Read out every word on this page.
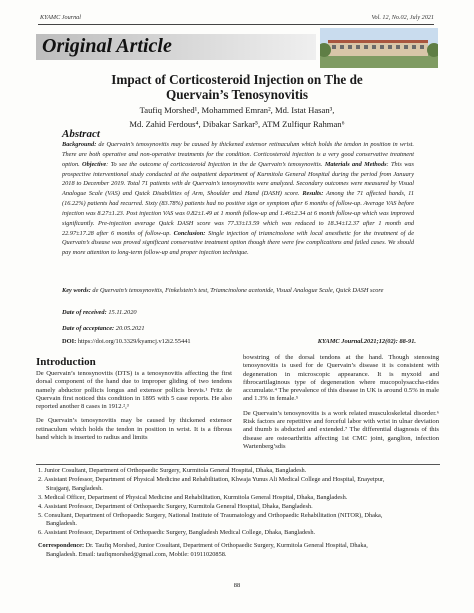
KYAMC Journal	Vol. 12, No.02, July 2021
Original Article
Impact of Corticosteroid Injection on The de
Quervain’s Tenosynovitis
Taufiq Morshed¹, Mohammed Emran², Md. Istat Hasan³,
Md. Zahid Ferdous⁴, Dibakar Sarkar⁵, ATM Zulfiqur Rahman⁶
Abstract
Background: de Quervain’s tenosynovitis may be caused by thickened extensor retinaculum which holds the tendon in position in wrist. There are both operative and non-operative treatments for the condition. Corticosteroid injection is a very good conservative treatment option. Objective: To see the outcome of corticosteroid Injection in the de Quervain’s tenosynovitis. Materials and Methods: This was prospective interventional study conducted at the outpatient department of Kurmitola General Hospital during the period from January 2018 to December 2019. Total 71 patients with de Quervain’s tenosynovitis were analyzed. Secondary outcomes were measured by Visual Analogue Scale (VAS) and Quick Disabilities of Arm, Shoulder and Hand (DASH) score. Results: Among the 71 affected hands, 11 (16.22%) patients had recurred. Sixty (83.78%) patients had no positive sign or symptom after 6 months of follow-up. Average VAS before injection was 8.27±1.23. Post injection VAS was 0.82±1.49 at 1 month follow-up and 1.46±2.34 at 6 month follow-up which was improved significantly. Pre-injection average Quick DASH score was 77.33±13.59 which was reduced to 18.34±12.37 after 1 month and 22.97±17.28 after 6 months of follow-up. Conclusion: Single injection of triamcinolone with local anesthetic for the treatment of de Quervain’s disease was proved significant conservative treatment option though there were few complications and failed cases. We should pay more attention to long-term follow-up and proper injection technique.
Key words: de Quervain’s tenosynovitis, Finkelstein’s test, Triamcinolone acetonide, Visual Analogue Scale, Quick DASH score
Date of received: 15.11.2020
Date of acceptance: 20.05.2021
DOI: https://doi.org/10.3329/kyamcj.v12i2.55441	KYAMC Journal.2021;12(02): 88-91.
Introduction

De Quervain’s tenosynovitis (DTS) is a tenosynovitis affecting the first dorsal component of the hand due to improper gliding of two tendons namely abductor pollicis longus and extensor pollicis brevis.¹ Fritz de Quervain first noticed this condition in 1895 with 5 case reports. He also reported another 8 cases in 1912.²,³

De Quervain’s tenosynovitis may be caused by thickened extensor retinaculum which holds the tendon in position in wrist. It is a fibrous band which is inserted to radius and limits

bowstring of the dorsal tendons at the hand. Though stenosing tenosynovitis is used for de Quervain’s disease it is consistent with degeneration in microscopic appearance. It is myxoid and fibrocartilaginous type of degeneration where mucopolysaccha-rides accumulate.⁴ The prevalence of this disease in UK is around 0.5% in male and 1.3% in female.⁵

De Quervain’s tenosynovitis is a work related musculoskeletal disorder.⁶ Risk factors are repetitive and forceful labor with wrist in ulnar deviation and thumb is abducted and extended.⁷ The differential diagnosis of this disease are osteoarthritis affecting 1st CMC joint, ganglion, infection Wartenberg’sdis

1. Junior Cosultant, Department of Orthopaedic Surgery, Kurmitola General Hospital, Dhaka, Bangladesh.
2. Assistant Professor, Department of Physical Medicine and Rehabilitation, Khwaja Yunus Ali Medical College and Hospital, Enayetpur,
Sirajganj, Bangladesh.
3. Medical Officer, Department of Physical Medicine and Rehabilitation, Kurmitola General Hospital, Dhaka, Bangladesh.
4. Assistant Professor, Department of Orthopaedic Surgery, Kurmitola General Hospital, Dhaka, Bangladesh.
5. Consultant, Department of Orthopaedic Surgery, National Institute of Traumatology and Orthopaedic Rehabilitation (NITOR), Dhaka,
Bangladesh.
6. Assistant Professor, Department of Orthopaedic Surgery, Bangladesh Medical College, Dhaka, Bangladesh.
Correspondence: Dr. Taufiq Morshed, Junior Cosultant, Department of Orthopaedic Surgery, Kurmitola General Hospital, Dhaka,
Bangladesh. Email: taufiqmorshed@gmail.com, Mobile: 01911020858.
88
